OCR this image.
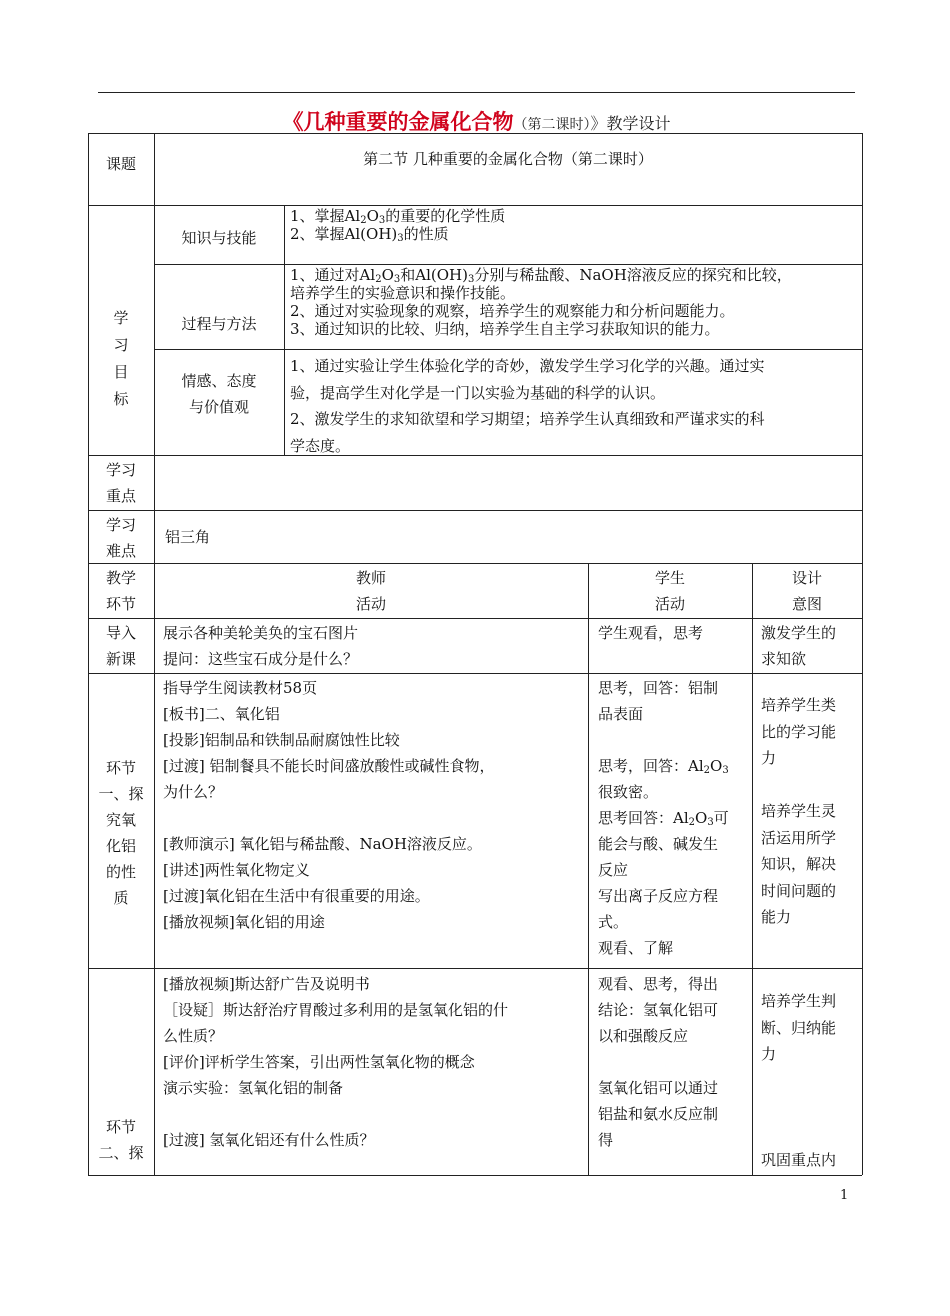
《几种重要的金属化合物（第二课时）》教学设计
课题	第二节 几种重要的金属化合物（第二课时）
学
习
目
标
知识与技能
1、掌握$Al_2O_3$的重要的化学性质
2、掌握$Al(OH)_3$的性质
过程与方法
1、通过对$Al_2O_3$和$Al(OH)_3$分别与稀盐酸、NaOH溶液反应的探究和比较，
培养学生的实验意识和操作技能。
2、通过对实验现象的观察，培养学生的观察能力和分析问题能力。
3、通过知识的比较、归纳，培养学生自主学习获取知识的能力。
情感、态度
与价值观
1、通过实验让学生体验化学的奇妙，激发学生学习化学的兴趣。通过实
验，提高学生对化学是一门以实验为基础的科学的认识。
2、激发学生的求知欲望和学习期望；培养学生认真细致和严谨求实的科
学态度。
学习
重点
学习
难点
铝三角
教学
环节
教师
活动
学生
活动
设计
意图
导入
新课
展示各种美轮美奂的宝石图片
提问：这些宝石成分是什么？
学生观看，思考	激发学生的
求知欲
环节
一、探
究氧
化铝
的性
质
指导学生阅读教材58页
[板书]二、氧化铝
[投影]铝制品和铁制品耐腐蚀性比较
[过渡] 铝制餐具不能长时间盛放酸性或碱性食物，
为什么？

[教师演示] 氧化铝与稀盐酸、NaOH溶液反应。
[讲述]两性氧化物定义
[过渡]氧化铝在生活中有很重要的用途。
[播放视频]氧化铝的用途
思考，回答：铝制
品表面

思考，回答：$Al_2O_3$
很致密。
思考回答：$Al_2O_3$可
能会与酸、碱发生
反应
写出离子反应方程
式。
观看、了解
培养学生类
比的学习能
力

培养学生灵
活运用所学
知识，解决
时间问题的
能力
环节
二、探
[播放视频]斯达舒广告及说明书
［设疑］斯达舒治疗胃酸过多利用的是氢氧化铝的什
么性质？
[评价]评析学生答案，引出两性氢氧化物的概念
演示实验：氢氧化铝的制备

[过渡] 氢氧化铝还有什么性质？
观看、思考，得出
结论：氢氧化铝可
以和强酸反应

氢氧化铝可以通过
铝盐和氨水反应制
得
培养学生判
断、归纳能
力

巩固重点内
1
